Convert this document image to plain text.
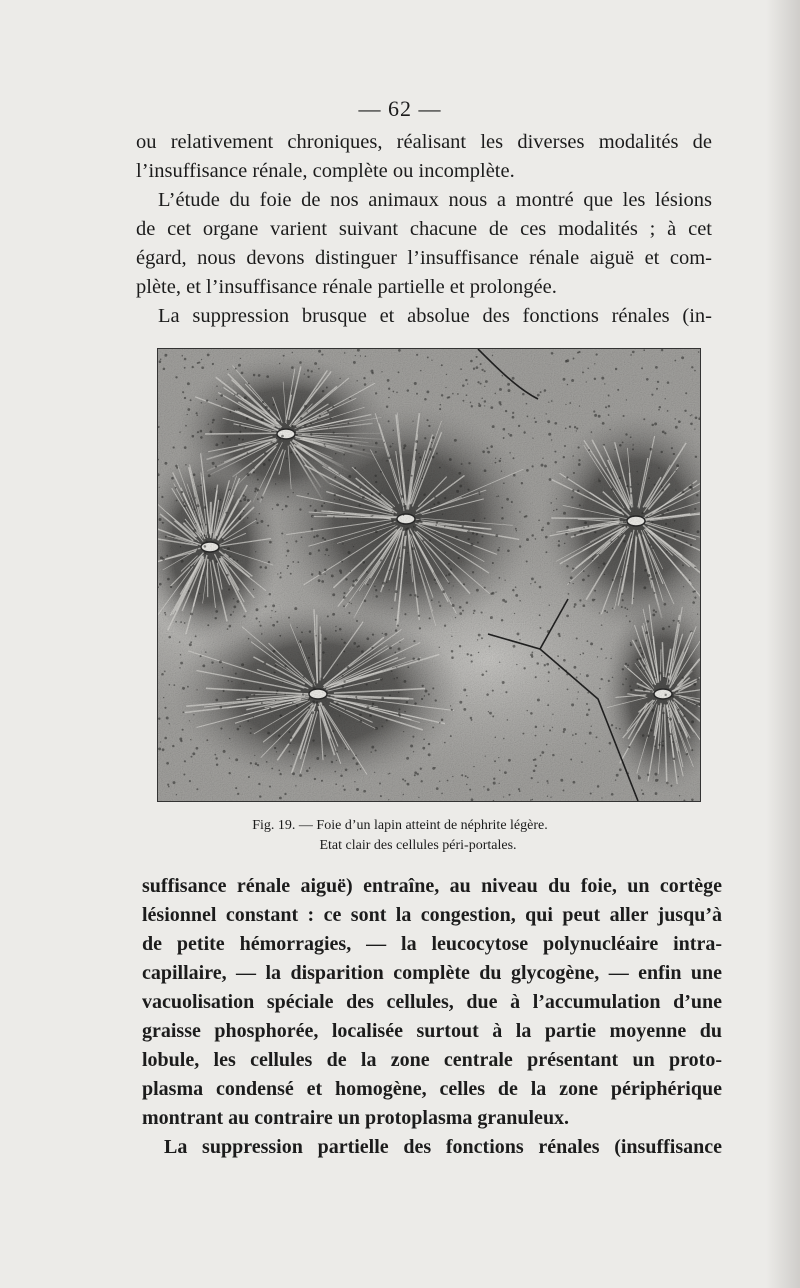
— 62 —
ou relativement chroniques, réalisant les diverses modalités de
l’insuffisance rénale, complète ou incomplète.
L’étude du foie de nos animaux nous a montré que les lésions
de cet organe varient suivant chacune de ces modalités ; à cet
égard, nous devons distinguer l’insuffisance rénale aiguë et com-
plète, et l’insuffisance rénale partielle et prolongée.
La suppression brusque et absolue des fonctions rénales (in-
Fig. 19. — Foie d’un lapin atteint de néphrite légère.
Etat clair des cellules péri-portales.
suffisance rénale aiguë) entraîne, au niveau du foie, un cortège
lésionnel constant : ce sont la congestion, qui peut aller jusqu’à
de petite hémorragies, — la leucocytose polynucléaire intra-
capillaire, — la disparition complète du glycogène, — enfin une
vacuolisation spéciale des cellules, due à l’accumulation d’une
graisse phosphorée, localisée surtout à la partie moyenne du
lobule, les cellules de la zone centrale présentant un proto-
plasma condensé et homogène, celles de la zone périphérique
montrant au contraire un protoplasma granuleux.
La suppression partielle des fonctions rénales (insuffisance
